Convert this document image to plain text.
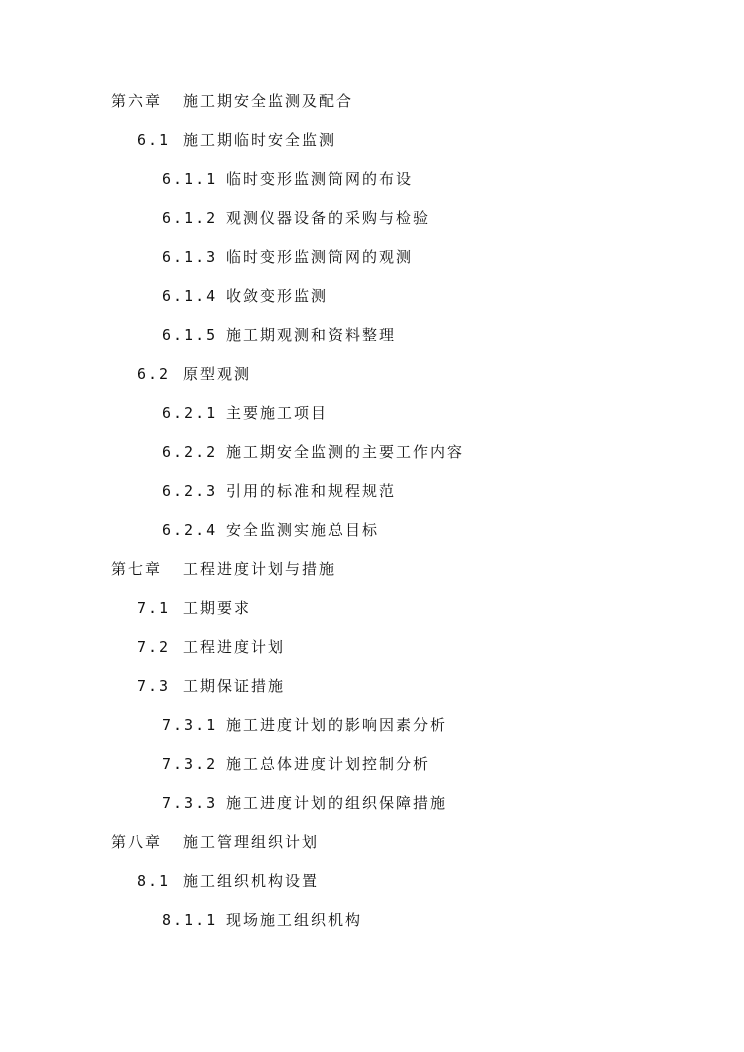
第六章 施工期安全监测及配合
6.1 施工期临时安全监测
6.1.1 临时变形监测筒网的布设
6.1.2 观测仪器设备的采购与检验
6.1.3 临时变形监测筒网的观测
6.1.4 收敛变形监测
6.1.5 施工期观测和资料整理
6.2 原型观测
6.2.1 主要施工项目
6.2.2 施工期安全监测的主要工作内容
6.2.3 引用的标准和规程规范
6.2.4 安全监测实施总目标
第七章 工程进度计划与措施
7.1 工期要求
7.2 工程进度计划
7.3 工期保证措施
7.3.1 施工进度计划的影响因素分析
7.3.2 施工总体进度计划控制分析
7.3.3 施工进度计划的组织保障措施
第八章 施工管理组织计划
8.1 施工组织机构设置
8.1.1 现场施工组织机构
